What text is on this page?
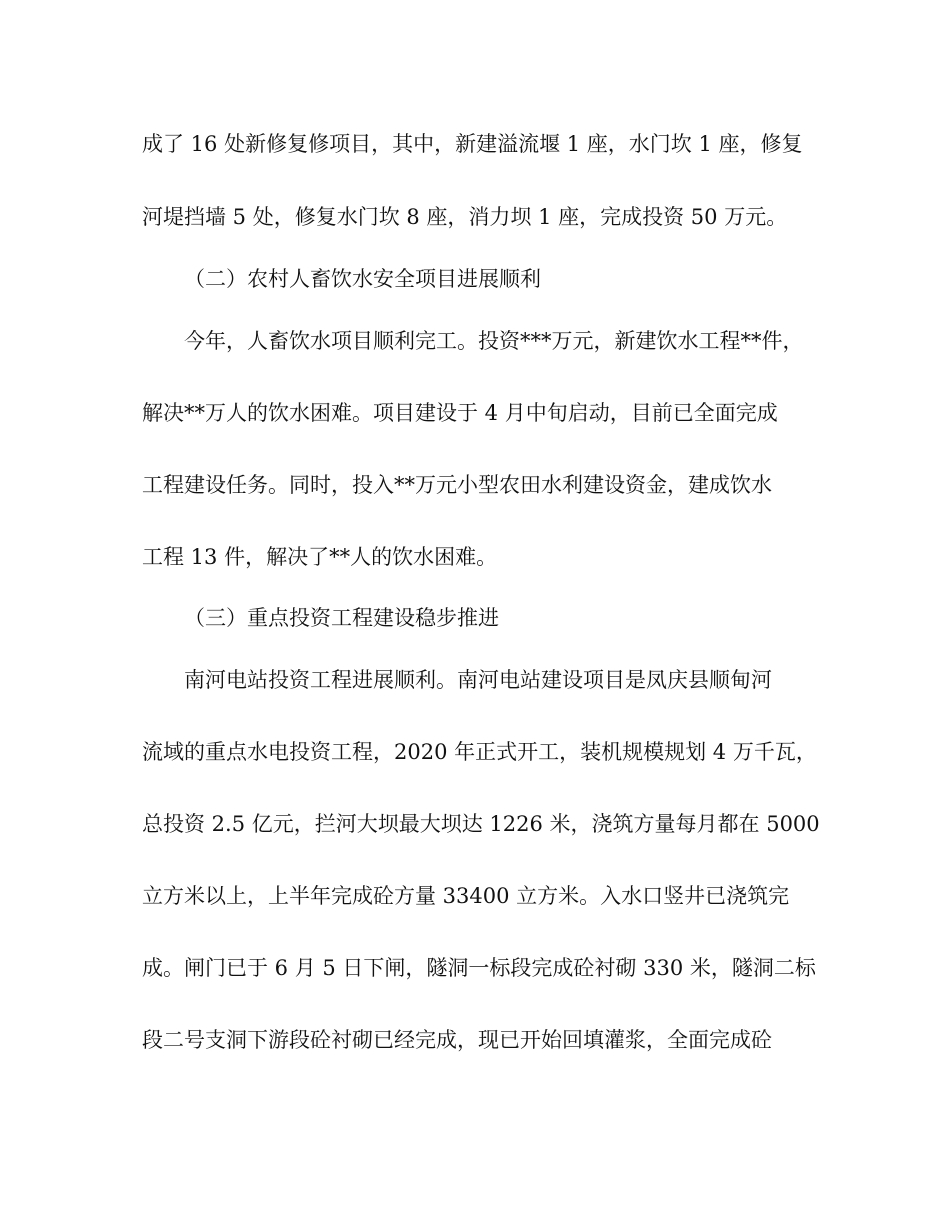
成了 16 处新修复修项目，其中，新建溢流堰 1 座，水门坎 1 座，修复
河堤挡墙 5 处，修复水门坎 8 座，消力坝 1 座，完成投资 50 万元。
（二）农村人畜饮水安全项目进展顺利
今年，人畜饮水项目顺利完工。投资***万元，新建饮水工程**件，
解决**万人的饮水困难。项目建设于 4 月中旬启动，目前已全面完成
工程建设任务。同时，投入**万元小型农田水利建设资金，建成饮水
工程 13 件，解决了**人的饮水困难。
（三）重点投资工程建设稳步推进
南河电站投资工程进展顺利。南河电站建设项目是凤庆县顺甸河
流域的重点水电投资工程，2020 年正式开工，装机规模规划 4 万千瓦，
总投资 2.5 亿元，拦河大坝最大坝达 1226 米，浇筑方量每月都在 5000
立方米以上，上半年完成砼方量 33400 立方米。入水口竖井已浇筑完
成。闸门已于 6 月 5 日下闸，隧洞一标段完成砼衬砌 330 米，隧洞二标
段二号支洞下游段砼衬砌已经完成，现已开始回填灌浆，全面完成砼
